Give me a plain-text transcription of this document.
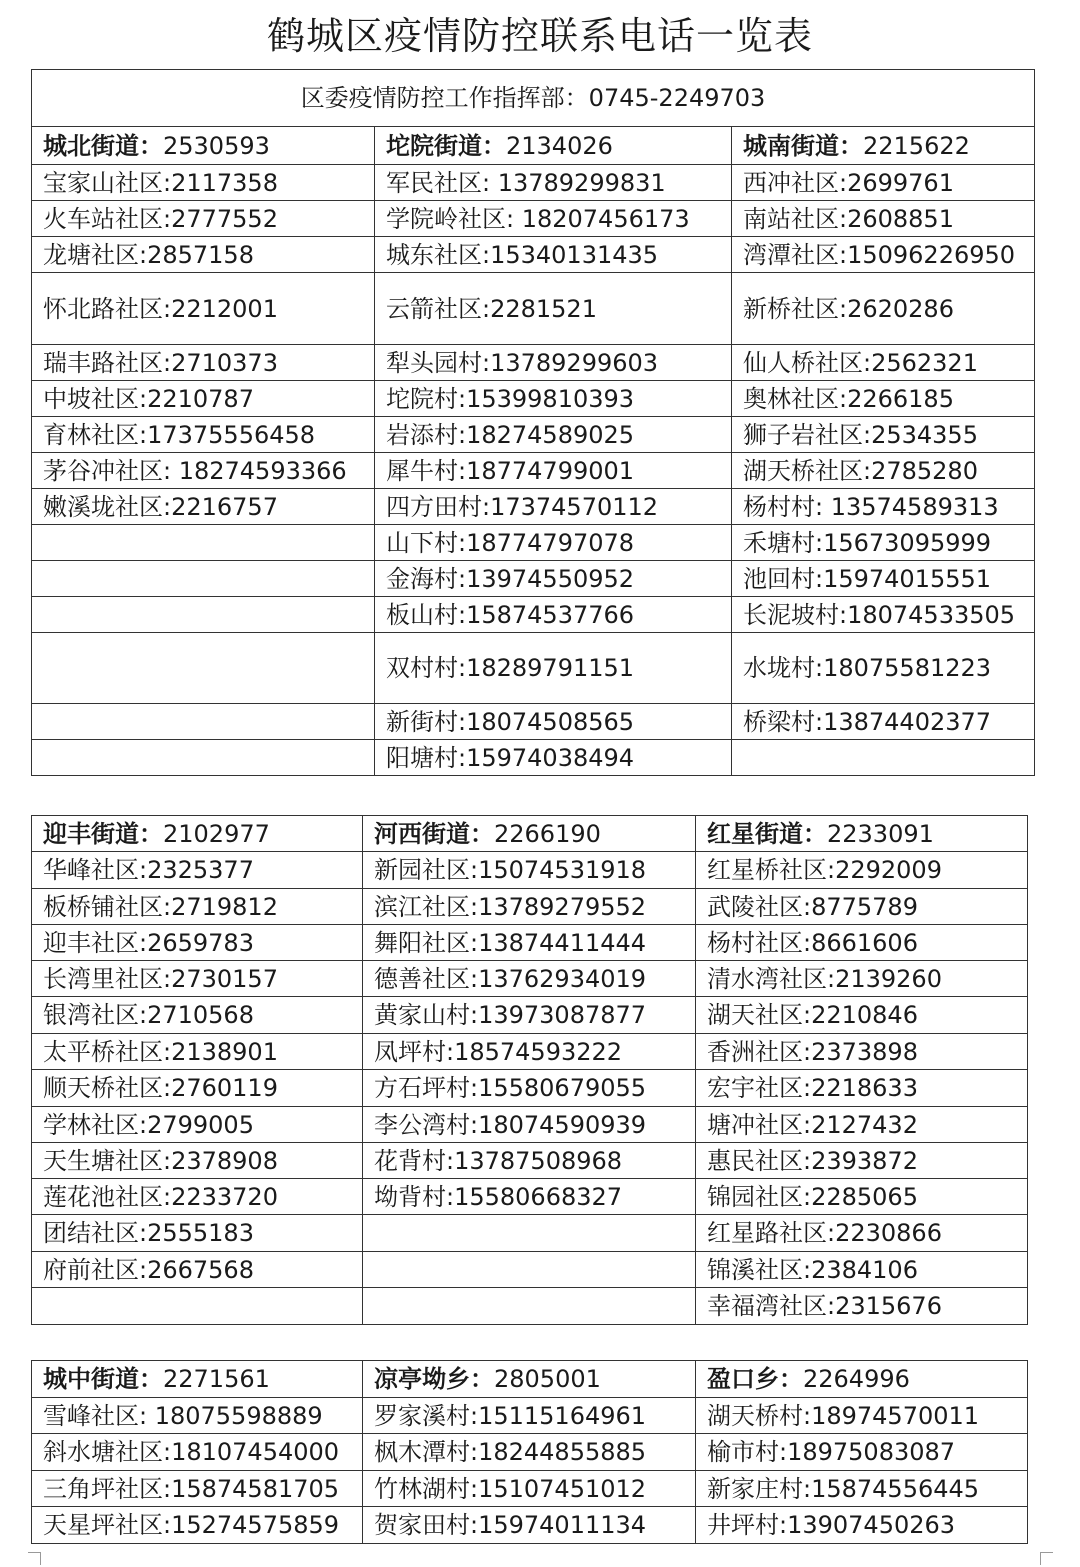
鹤城区疫情防控联系电话一览表
区委疫情防控工作指挥部：0745-2249703		
城北街道：2530593	坨院街道：2134026	城南街道：2215622
宝家山社区:2117358	军民社区: 13789299831	西冲社区:2699761
火车站社区:2777552	学院岭社区: 18207456173	南站社区:2608851
龙塘社区:2857158	城东社区:15340131435	湾潭社区:15096226950
怀北路社区:2212001	云箭社区:2281521	新桥社区:2620286
瑞丰路社区:2710373	犁头园村:13789299603	仙人桥社区:2562321
中坡社区:2210787	坨院村:15399810393	奥林社区:2266185
育林社区:17375556458	岩添村:18274589025	狮子岩社区:2534355
茅谷冲社区: 18274593366	犀牛村:18774799001	湖天桥社区:2785280
嫩溪垅社区:2216757	四方田村:17374570112	杨村村: 13574589313
	山下村:18774797078	禾塘村:15673095999
	金海村:13974550952	池回村:15974015551
	板山村:15874537766	长泥坡村:18074533505
	双村村:18289791151	水垅村:18075581223
	新街村:18074508565	桥梁村:13874402377
	阳塘村:15974038494	
迎丰街道：2102977	河西街道：2266190	红星街道：2233091
华峰社区:2325377	新园社区:15074531918	红星桥社区:2292009
板桥铺社区:2719812	滨江社区:13789279552	武陵社区:8775789
迎丰社区:2659783	舞阳社区:13874411444	杨村社区:8661606
长湾里社区:2730157	德善社区:13762934019	清水湾社区:2139260
银湾社区:2710568	黄家山村:13973087877	湖天社区:2210846
太平桥社区:2138901	凤坪村:18574593222	香洲社区:2373898
顺天桥社区:2760119	方石坪村:15580679055	宏宇社区:2218633
学林社区:2799005	李公湾村:18074590939	塘冲社区:2127432
天生塘社区:2378908	花背村:13787508968	惠民社区:2393872
莲花池社区:2233720	坳背村:15580668327	锦园社区:2285065
团结社区:2555183		红星路社区:2230866
府前社区:2667568		锦溪社区:2384106
		幸福湾社区:2315676
城中街道：2271561	凉亭坳乡：2805001	盈口乡：2264996
雪峰社区: 18075598889	罗家溪村:15115164961	湖天桥村:18974570011
斜水塘社区:18107454000	枫木潭村:18244855885	榆市村:18975083087
三角坪社区:15874581705	竹林湖村:15107451012	新家庄村:15874556445
天星坪社区:15274575859	贺家田村:15974011134	井坪村:13907450263
